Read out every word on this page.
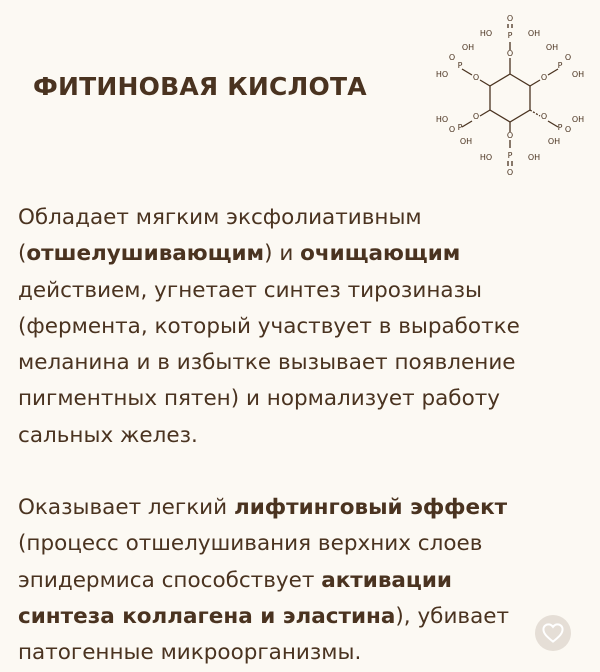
ФИТИНОВАЯ КИСЛОТА
O
P
HO	OH
O
OH
O
P
HO	O
OH
O
P
OH
O
HO
O P
OH
O	OH
O
P
OH
O
O
P
HO	OH
O

Обладает мягким эксфолиативным
(отшелушивающим) и очищающим
действием, угнетает синтез тирозиназы
(фермента, который участвует в выработке
меланина и в избытке вызывает появление
пигментных пятен) и нормализует работу
сальных желез.

Оказывает легкий лифтинговый эффект
(процесс отшелушивания верхних слоев
эпидермиса способствует активации
синтеза коллагена и эластина), убивает
патогенные микроорганизмы.
